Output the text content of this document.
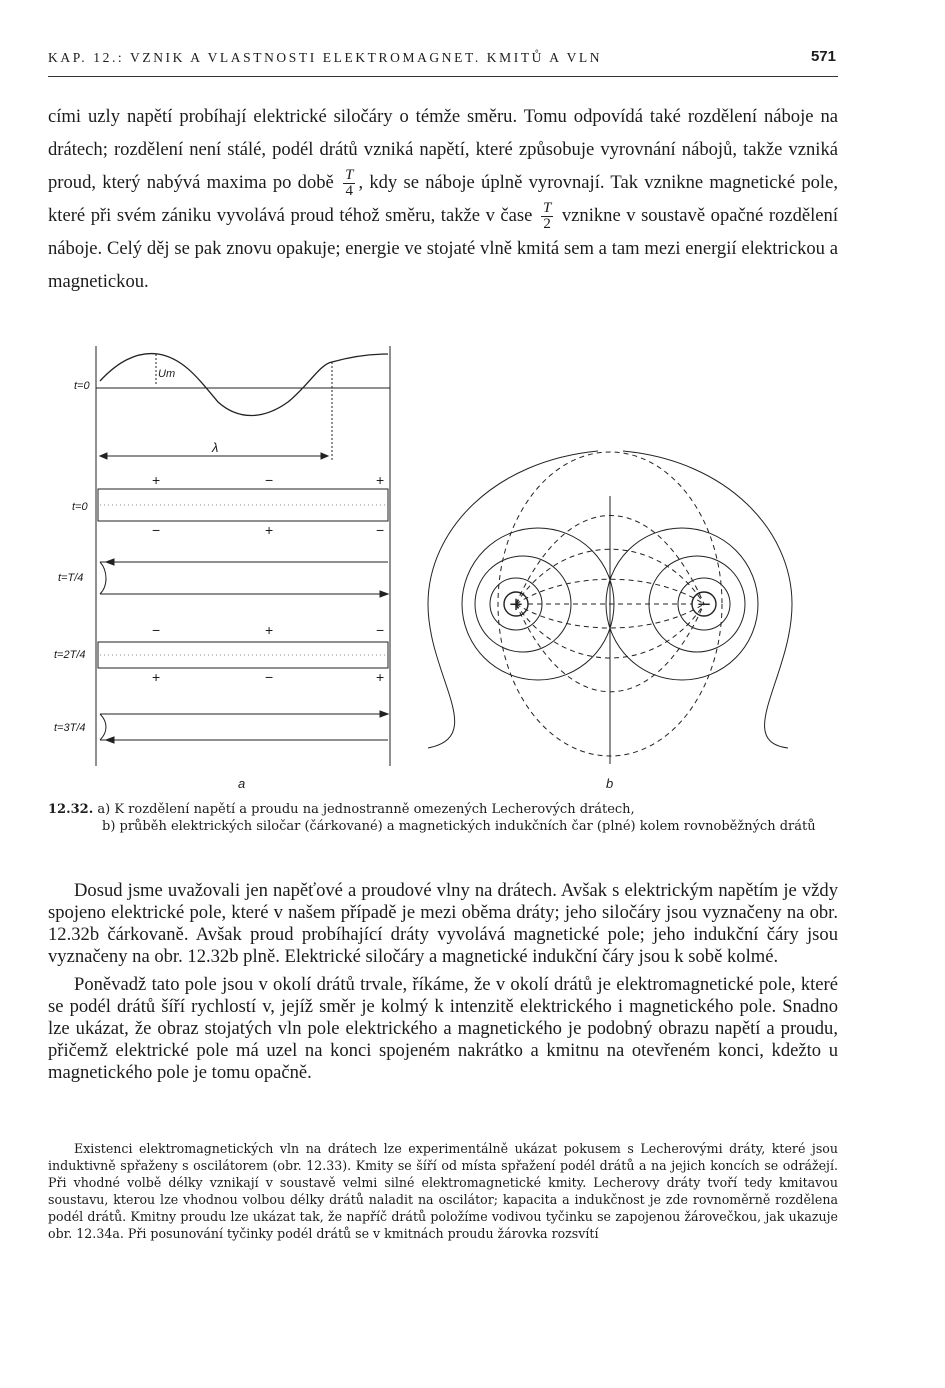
KAP. 12.: VZNIK A VLASTNOSTI ELEKTROMAGNET. KMITŮ A VLN	571

cími uzly napětí probíhají elektrické siločáry o témže směru. Tomu odpovídá také rozdělení náboje na drátech; rozdělení není stálé, podél drátů vzniká napětí, které způsobuje vyrovnání nábojů, takže vzniká proud, který nabývá maxima po době $\frac{T}{4}$ , kdy se náboje úplně vyrovnají. Tak vznikne magnetické pole, které při svém zániku vyvolává proud téhož směru, takže v čase $\frac{T}{2}$ vznikne v soustavě opačné rozdělení náboje. Celý děj se pak znovu opakuje; energie ve stojaté vlně kmitá sem a tam mezi energií elektrickou a magnetickou.

+	−
t=0
Um
λ
t=0
t=T/4
t=2T/4
t=3T/4
+	−	+
−	+	−
−	+	−
+	−	+
a	b
12.32. a) K rozdělení napětí a proudu na jednostranně omezených Lecherových drátech,
b) průběh elektrických siločar (čárkované) a magnetických indukčních čar (plné) kolem rovnoběžných drátů

Dosud jsme uvažovali jen napěťové a proudové vlny na drátech. Avšak s elektrickým napětím je vždy spojeno elektrické pole, které v našem případě je mezi oběma dráty; jeho siločáry jsou vyznačeny na obr. 12.32b čárkovaně. Avšak proud probíhající dráty vyvolává magnetické pole; jeho indukční čáry jsou vyznačeny na obr. 12.32b plně. Elektrické siločáry a magnetické indukční čáry jsou k sobě kolmé.

Poněvadž tato pole jsou v okolí drátů trvale, říkáme, že v okolí drátů je elektromagnetické pole, které se podél drátů šíří rychlostí v, jejíž směr je kolmý k intenzitě elektrického i magnetického pole. Snadno lze ukázat, že obraz stojatých vln pole elektrického a magnetického je podobný obrazu napětí a proudu, přičemž elektrické pole má uzel na konci spojeném nakrátko a kmitnu na otevřeném konci, kdežto u magnetického pole je tomu opačně.

Existenci elektromagnetických vln na drátech lze experimentálně ukázat pokusem s Lecherovými dráty, které jsou induktivně spřaženy s oscilátorem (obr. 12.33). Kmity se šíří od místa spřažení podél drátů a na jejich koncích se odrážejí. Při vhodné volbě délky vznikají v soustavě velmi silné elektromagnetické kmity. Lecherovy dráty tvoří tedy kmitavou soustavu, kterou lze vhodnou volbou délky drátů naladit na oscilátor; kapacita a indukčnost je zde rovnoměrně rozdělena podél drátů. Kmitny proudu lze ukázat tak, že napříč drátů položíme vodivou tyčinku se zapojenou žárovečkou, jak ukazuje obr. 12.34a. Při posunování tyčinky podél drátů se v kmitnách proudu žárovka rozsvítí
